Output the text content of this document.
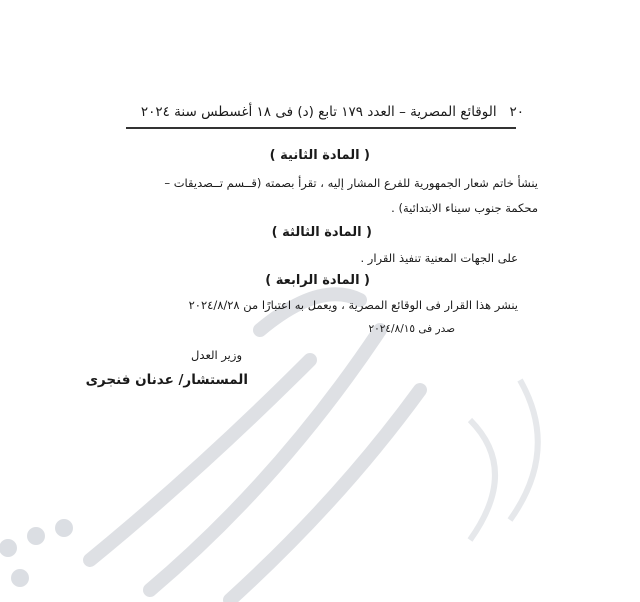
٢٠   الوقائع المصرية – العدد ١٧٩ تابع (د) فى ١٨ أغسطس سنة ٢٠٢٤
( المادة الثانية )
ينشأ خاتم شعار الجمهورية للفرع المشار إليه ، تقرأ بصمته (قــسم تــصديقات –
محكمة جنوب سيناء الابتدائية) .
( المادة الثالثة )
على الجهات المعنية تنفيذ القرار .
( المادة الرابعة )
ينشر هذا القرار فى الوقائع المصرية ، ويعمل به اعتبارًا من ٢٠٢٤/٨/٢٨
صدر فى ٢٠٢٤/٨/١٥
وزير العدل
المستشار/ عدنان فنجرى
